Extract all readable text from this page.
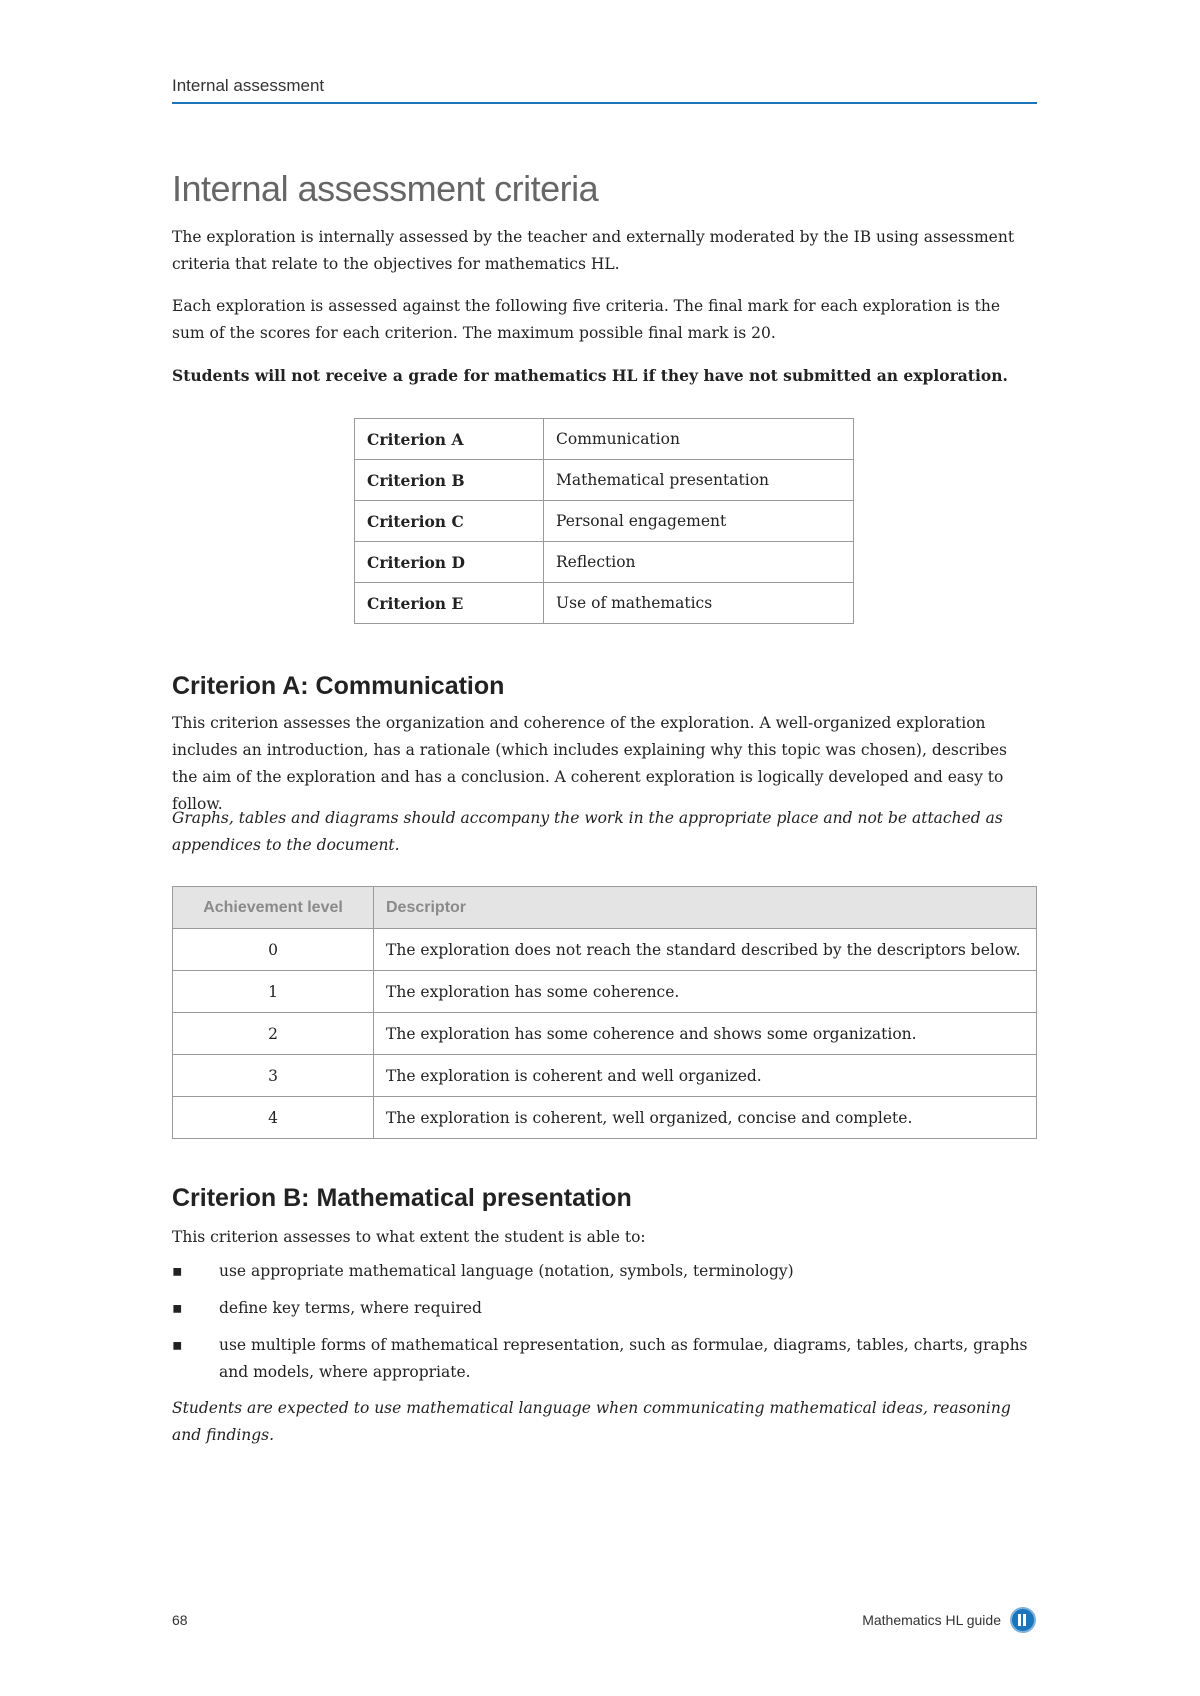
Internal assessment
Internal assessment criteria

The exploration is internally assessed by the teacher and externally moderated by the IB using assessment criteria that relate to the objectives for mathematics HL.

Each exploration is assessed against the following five criteria. The final mark for each exploration is the sum of the scores for each criterion. The maximum possible final mark is 20.

Students will not receive a grade for mathematics HL if they have not submitted an exploration.

Criterion A	Communication
Criterion B	Mathematical presentation
Criterion C	Personal engagement
Criterion D	Reflection
Criterion E	Use of mathematics
Criterion A: Communication

This criterion assesses the organization and coherence of the exploration. A well-organized exploration includes an introduction, has a rationale (which includes explaining why this topic was chosen), describes the aim of the exploration and has a conclusion. A coherent exploration is logically developed and easy to follow.

Graphs, tables and diagrams should accompany the work in the appropriate place and not be attached as appendices to the document.

Achievement level	Descriptor
0	The exploration does not reach the standard described by the descriptors below.
1	The exploration has some coherence.
2	The exploration has some coherence and shows some organization.
3	The exploration is coherent and well organized.
4	The exploration is coherent, well organized, concise and complete.
Criterion B: Mathematical presentation

This criterion assesses to what extent the student is able to:

▪ use appropriate mathematical language (notation, symbols, terminology)
▪ define key terms, where required
▪ use multiple forms of mathematical representation, such as formulae, diagrams, tables, charts, graphs and models, where appropriate.

Students are expected to use mathematical language when communicating mathematical ideas, reasoning and findings.

68	Mathematics HL guide
